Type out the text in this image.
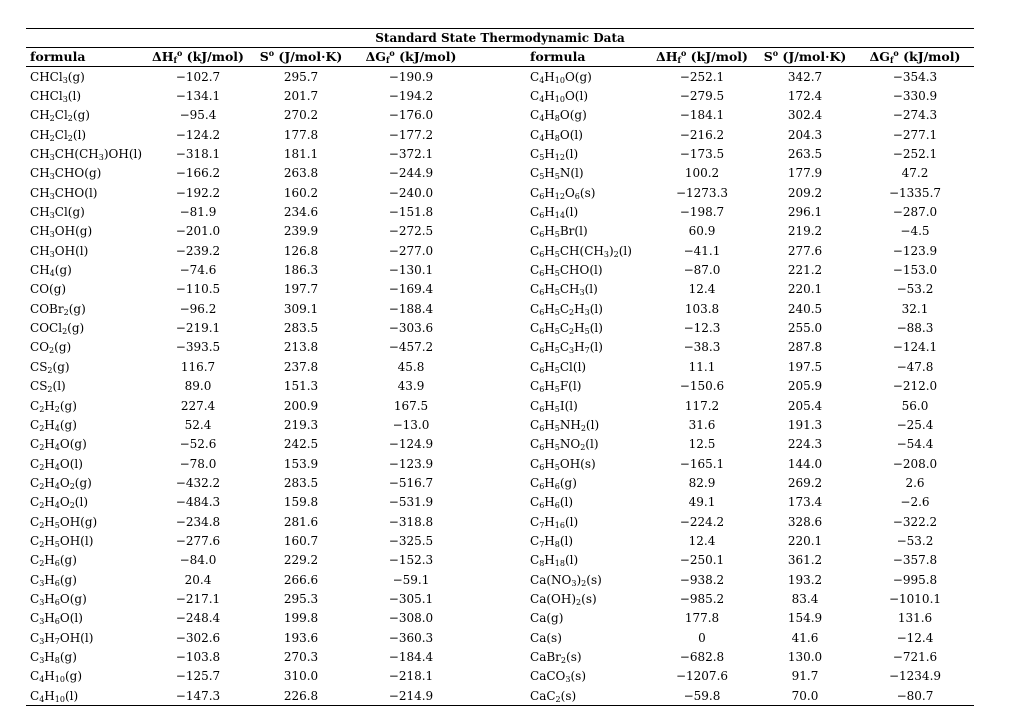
Standard State Thermodynamic Data
formula	$\Delta H_f^o$ (kJ/mol)	$S^o$ (J/mol·K)	$\Delta G_f^o$ (kJ/mol)		formula	$\Delta H_f^o$ (kJ/mol)	$S^o$ (J/mol·K)	$\Delta G_f^o$ (kJ/mol)
CHCl$_3$(g)	−102.7	295.7	−190.9		$C_4H_{10}O(g)$	−252.1	342.7	−354.3
CHCl$_3$(l)	−134.1	201.7	−194.2		$C_4H_{10}O(l)$	−279.5	172.4	−330.9
$CH_2Cl_2(g)$	−95.4	270.2	−176.0		$C_4H_8O(g)$	−184.1	302.4	−274.3
$CH_2Cl_2(l)$	−124.2	177.8	−177.2		$C_4H_8O(l)$	−216.2	204.3	−277.1
$CH_3CH(CH_3)OH(l)$	−318.1	181.1	−372.1		$C_5H_{12}(l)$	−173.5	263.5	−252.1
$CH_3CHO(g)$	−166.2	263.8	−244.9		$C_5H_5N(l)$	100.2	177.9	47.2
$CH_3CHO(l)$	−192.2	160.2	−240.0		$C_6H_{12}O_6(s)$	−1273.3	209.2	−1335.7
$CH_3Cl(g)$	−81.9	234.6	−151.8		$C_6H_{14}(l)$	−198.7	296.1	−287.0
$CH_3OH(g)$	−201.0	239.9	−272.5		$C_6H_5Br(l)$	60.9	219.2	−4.5
$CH_3OH(l)$	−239.2	126.8	−277.0		$C_6H_5CH(CH_3)_2(l)$	−41.1	277.6	−123.9
$CH_4(g)$	−74.6	186.3	−130.1		$C_6H_5CHO(l)$	−87.0	221.2	−153.0
CO(g)	−110.5	197.7	−169.4		$C_6H_5CH_3(l)$	12.4	220.1	−53.2
COBr$_2$(g)	−96.2	309.1	−188.4		$C_6H_5C_2H_3(l)$	103.8	240.5	32.1
COCl$_2$(g)	−219.1	283.5	−303.6		$C_6H_5C_2H_5(l)$	−12.3	255.0	−88.3
$CO_2(g)$	−393.5	213.8	−457.2		$C_6H_5C_3H_7(l)$	−38.3	287.8	−124.1
$CS_2(g)$	116.7	237.8	45.8		$C_6H_5Cl(l)$	11.1	197.5	−47.8
$CS_2(l)$	89.0	151.3	43.9		$C_6H_5F(l)$	−150.6	205.9	−212.0
$C_2H_2(g)$	227.4	200.9	167.5		$C_6H_5I(l)$	117.2	205.4	56.0
$C_2H_4(g)$	52.4	219.3	−13.0		$C_6H_5NH_2(l)$	31.6	191.3	−25.4
$C_2H_4O(g)$	−52.6	242.5	−124.9		$C_6H_5NO_2(l)$	12.5	224.3	−54.4
$C_2H_4O(l)$	−78.0	153.9	−123.9		$C_6H_5OH(s)$	−165.1	144.0	−208.0
$C_2H_4O_2(g)$	−432.2	283.5	−516.7		$C_6H_6(g)$	82.9	269.2	2.6
$C_2H_4O_2(l)$	−484.3	159.8	−531.9		$C_6H_6(l)$	49.1	173.4	−2.6
$C_2H_5OH(g)$	−234.8	281.6	−318.8		$C_7H_{16}(l)$	−224.2	328.6	−322.2
$C_2H_5OH(l)$	−277.6	160.7	−325.5		$C_7H_8(l)$	12.4	220.1	−53.2
$C_2H_6(g)$	−84.0	229.2	−152.3		$C_8H_{18}(l)$	−250.1	361.2	−357.8
$C_3H_6(g)$	20.4	266.6	−59.1		$Ca(NO_3)_2(s)$	−938.2	193.2	−995.8
$C_3H_6O(g)$	−217.1	295.3	−305.1		$Ca(OH)_2(s)$	−985.2	83.4	−1010.1
$C_3H_6O(l)$	−248.4	199.8	−308.0		Ca(g)	177.8	154.9	131.6
$C_3H_7OH(l)$	−302.6	193.6	−360.3		Ca(s)	0	41.6	−12.4
$C_3H_8(g)$	−103.8	270.3	−184.4		CaBr$_2$(s)	−682.8	130.0	−721.6
$C_4H_{10}(g)$	−125.7	310.0	−218.1		CaCO$_3$(s)	−1207.6	91.7	−1234.9
$C_4H_{10}(l)$	−147.3	226.8	−214.9		CaC$_2$(s)	−59.8	70.0	−80.7
